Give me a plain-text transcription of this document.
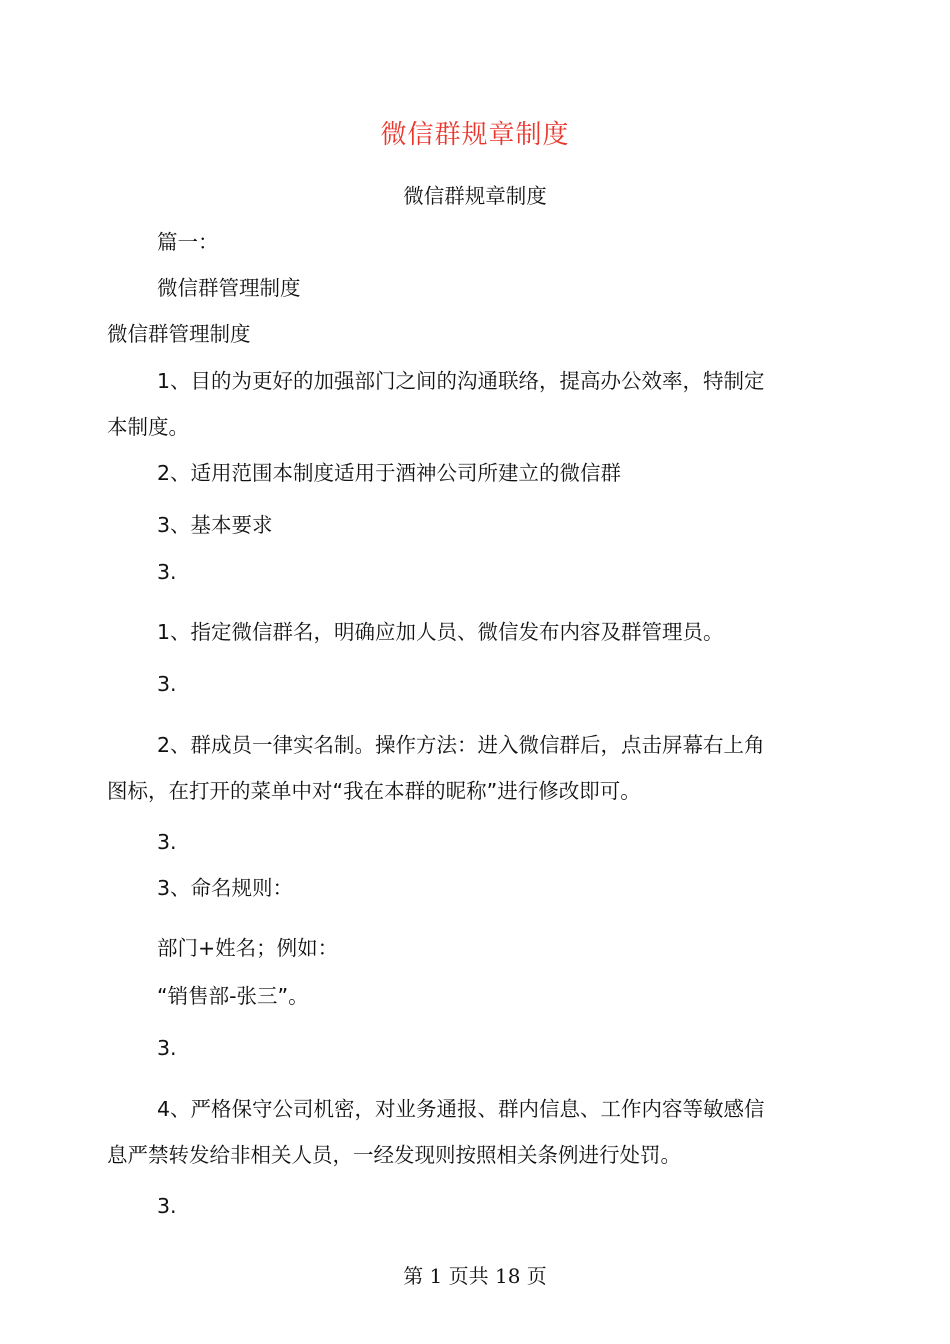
微信群规章制度
微信群规章制度
篇一：
微信群管理制度
微信群管理制度
1、目的为更好的加强部门之间的沟通联络，提高办公效率，特制定
本制度。
2、适用范围本制度适用于酒神公司所建立的微信群
3、基本要求
3.
1、指定微信群名，明确应加人员、微信发布内容及群管理员。
3.
2、群成员一律实名制。操作方法：进入微信群后，点击屏幕右上角
图标，在打开的菜单中对“我在本群的昵称”进行修改即可。
3.
3、命名规则：
部门+姓名；例如：
“销售部-张三”。
3.
4、严格保守公司机密，对业务通报、群内信息、工作内容等敏感信
息严禁转发给非相关人员，一经发现则按照相关条例进行处罚。
3.
第 1 页共 18 页
